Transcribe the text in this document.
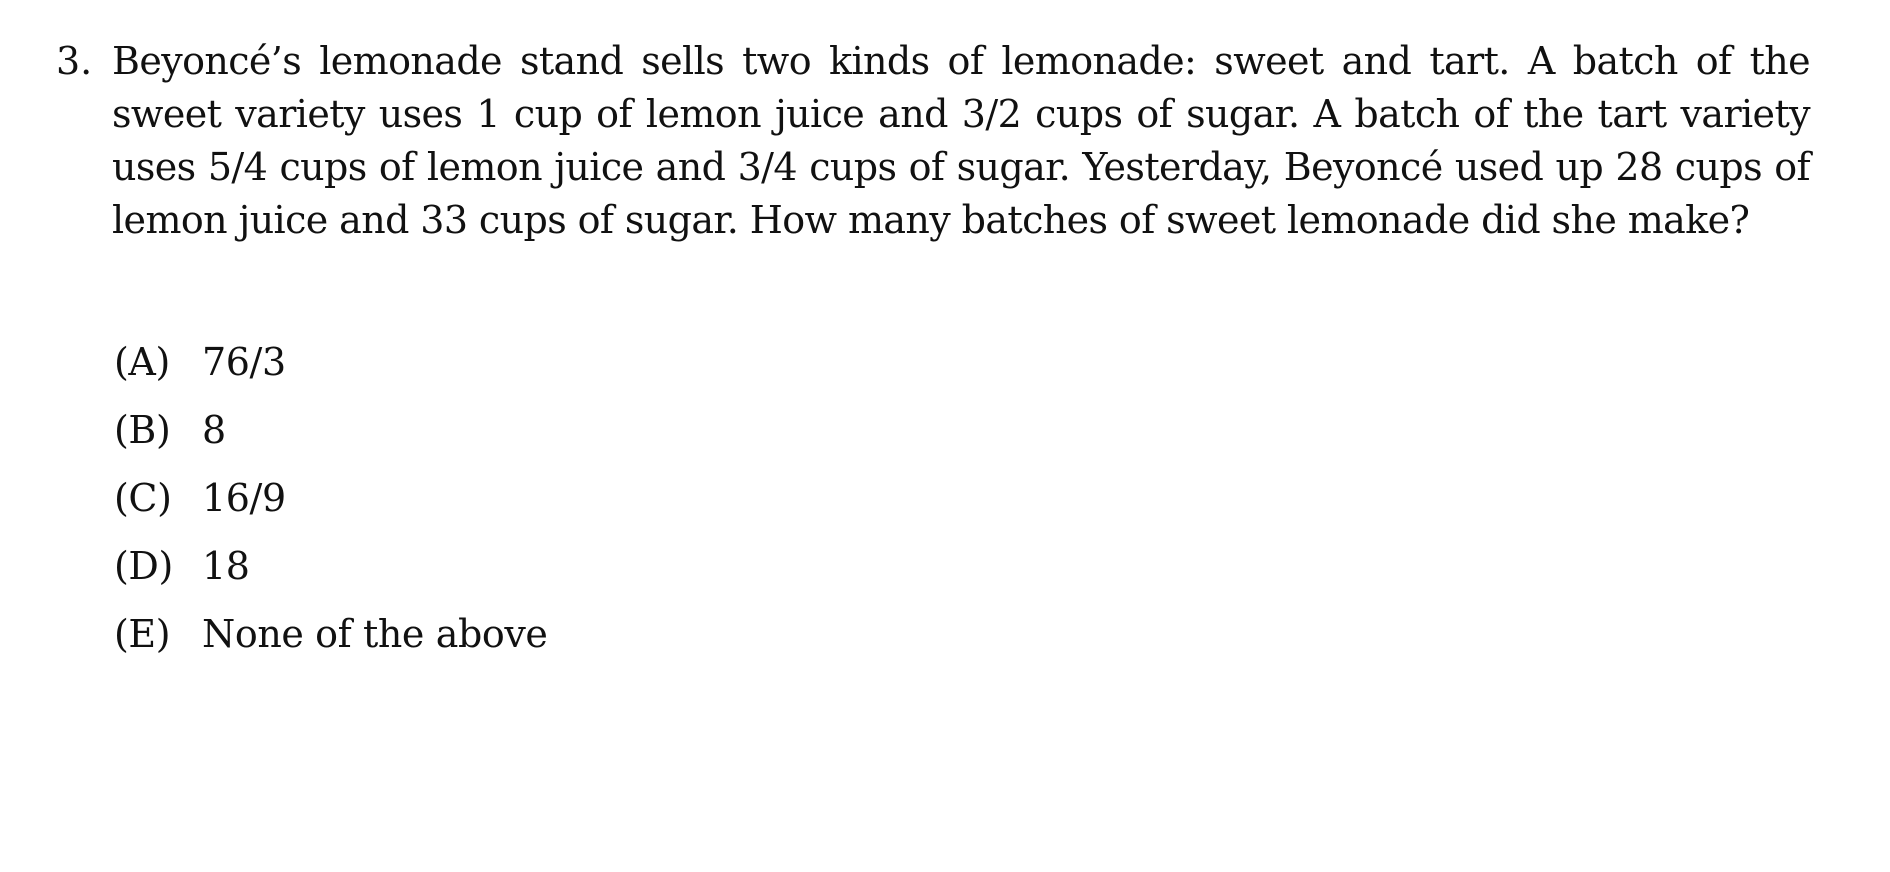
3. Beyoncé’s lemonade stand sells two kinds of lemonade: sweet and tart. A batch of the sweet variety uses 1 cup of lemon juice and 3/2 cups of sugar. A batch of the tart variety uses 5/4 cups of lemon juice and 3/4 cups of sugar. Yesterday, Beyoncé used up 28 cups of lemon juice and 33 cups of sugar. How many batches of sweet lemonade did she make?
(A) 76/3
(B) 8
(C) 16/9
(D) 18
(E) None of the above
